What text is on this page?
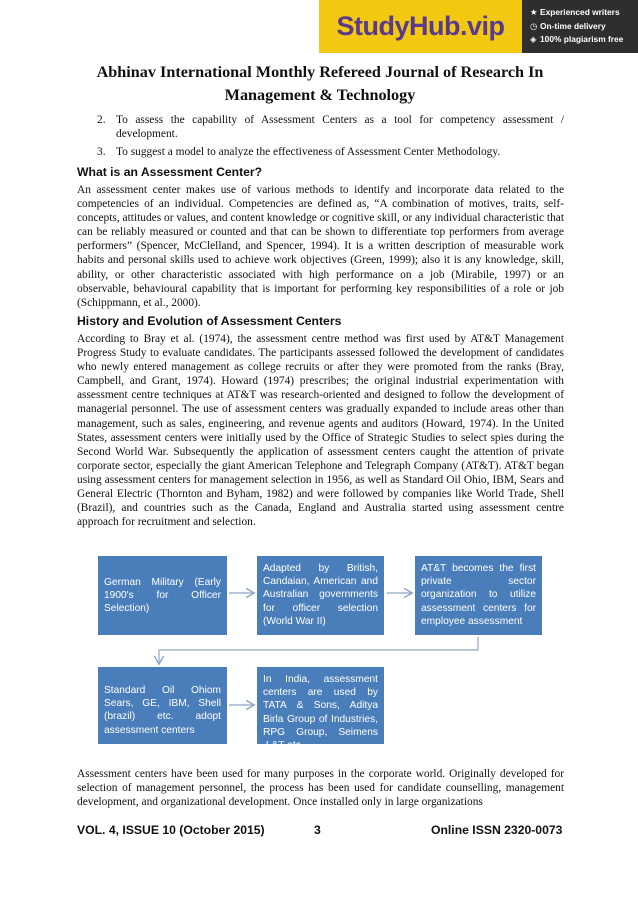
StudyHub.vip	★ Experienced writers
◷ On-time delivery
◈ 100% plagiarism free
Abhinav International Monthly Refereed Journal of Research In
Management & Technology
2. To assess the capability of Assessment Centers as a tool for competency assessment /
development.
3. To suggest a model to analyze the effectiveness of Assessment Center Methodology.
What is an Assessment Center?
An assessment center makes use of various methods to identify and incorporate data related to the competencies of an individual. Competencies are defined as, “A combination of motives, traits, self-concepts, attitudes or values, and content knowledge or cognitive skill, or any individual characteristic that can be reliably measured or counted and that can be shown to differentiate top performers from average performers” (Spencer, McClelland, and Spencer, 1994). It is a written description of measurable work habits and personal skills used to achieve work objectives (Green, 1999); also it is any knowledge, skill, ability, or other characteristic associated with high performance on a job (Mirabile, 1997) or an observable, behavioural capability that is important for performing key responsibilities of a role or job (Schippmann, et al., 2000).
History and Evolution of Assessment Centers
According to Bray et al. (1974), the assessment centre method was first used by AT&T Management Progress Study to evaluate candidates. The participants assessed followed the development of candidates who newly entered management as college recruits or after they were promoted from the ranks (Bray, Campbell, and Grant, 1974). Howard (1974) prescribes; the original industrial experimentation with assessment centre techniques at AT&T was research-oriented and designed to follow the development of managerial personnel. The use of assessment centers was gradually expanded to include areas other than management, such as sales, engineering, and revenue agents and auditors (Howard, 1974). In the United States, assessment centers were initially used by the Office of Strategic Studies to select spies during the Second World War. Subsequently the application of assessment centers caught the attention of private corporate sector, especially the giant American Telephone and Telegraph Company (AT&T). AT&T began using assessment centers for management selection in 1956, as well as Standard Oil Ohio, IBM, Sears and General Electric (Thornton and Byham, 1982) and were followed by companies like World Trade, Shell (Brazil), and countries such as the Canada, England and Australia started using assessment centre approach for recruitment and selection.
German Military (Early 1900's for Officer Selection)
Adapted by British, Candaian, American and Australian governments for officer selection (World War II)
AT&T becomes the first private sector organization to utilize assessment centers for employee assessment
Standard Oil Ohiom Sears, GE, IBM, Shell (brazil) etc. adopt assessment centers
In India, assessment centers are used by TATA & Sons, Aditya Birla Group of Industries, RPG Group, Seimens ,L&T etc.
Assessment centers have been used for many purposes in the corporate world. Originally developed for selection of management personnel, the process has been used for candidate counselling, management development, and organizational development. Once installed only in large organizations
VOL. 4, ISSUE 10 (October 2015)	3	Online ISSN 2320-0073
